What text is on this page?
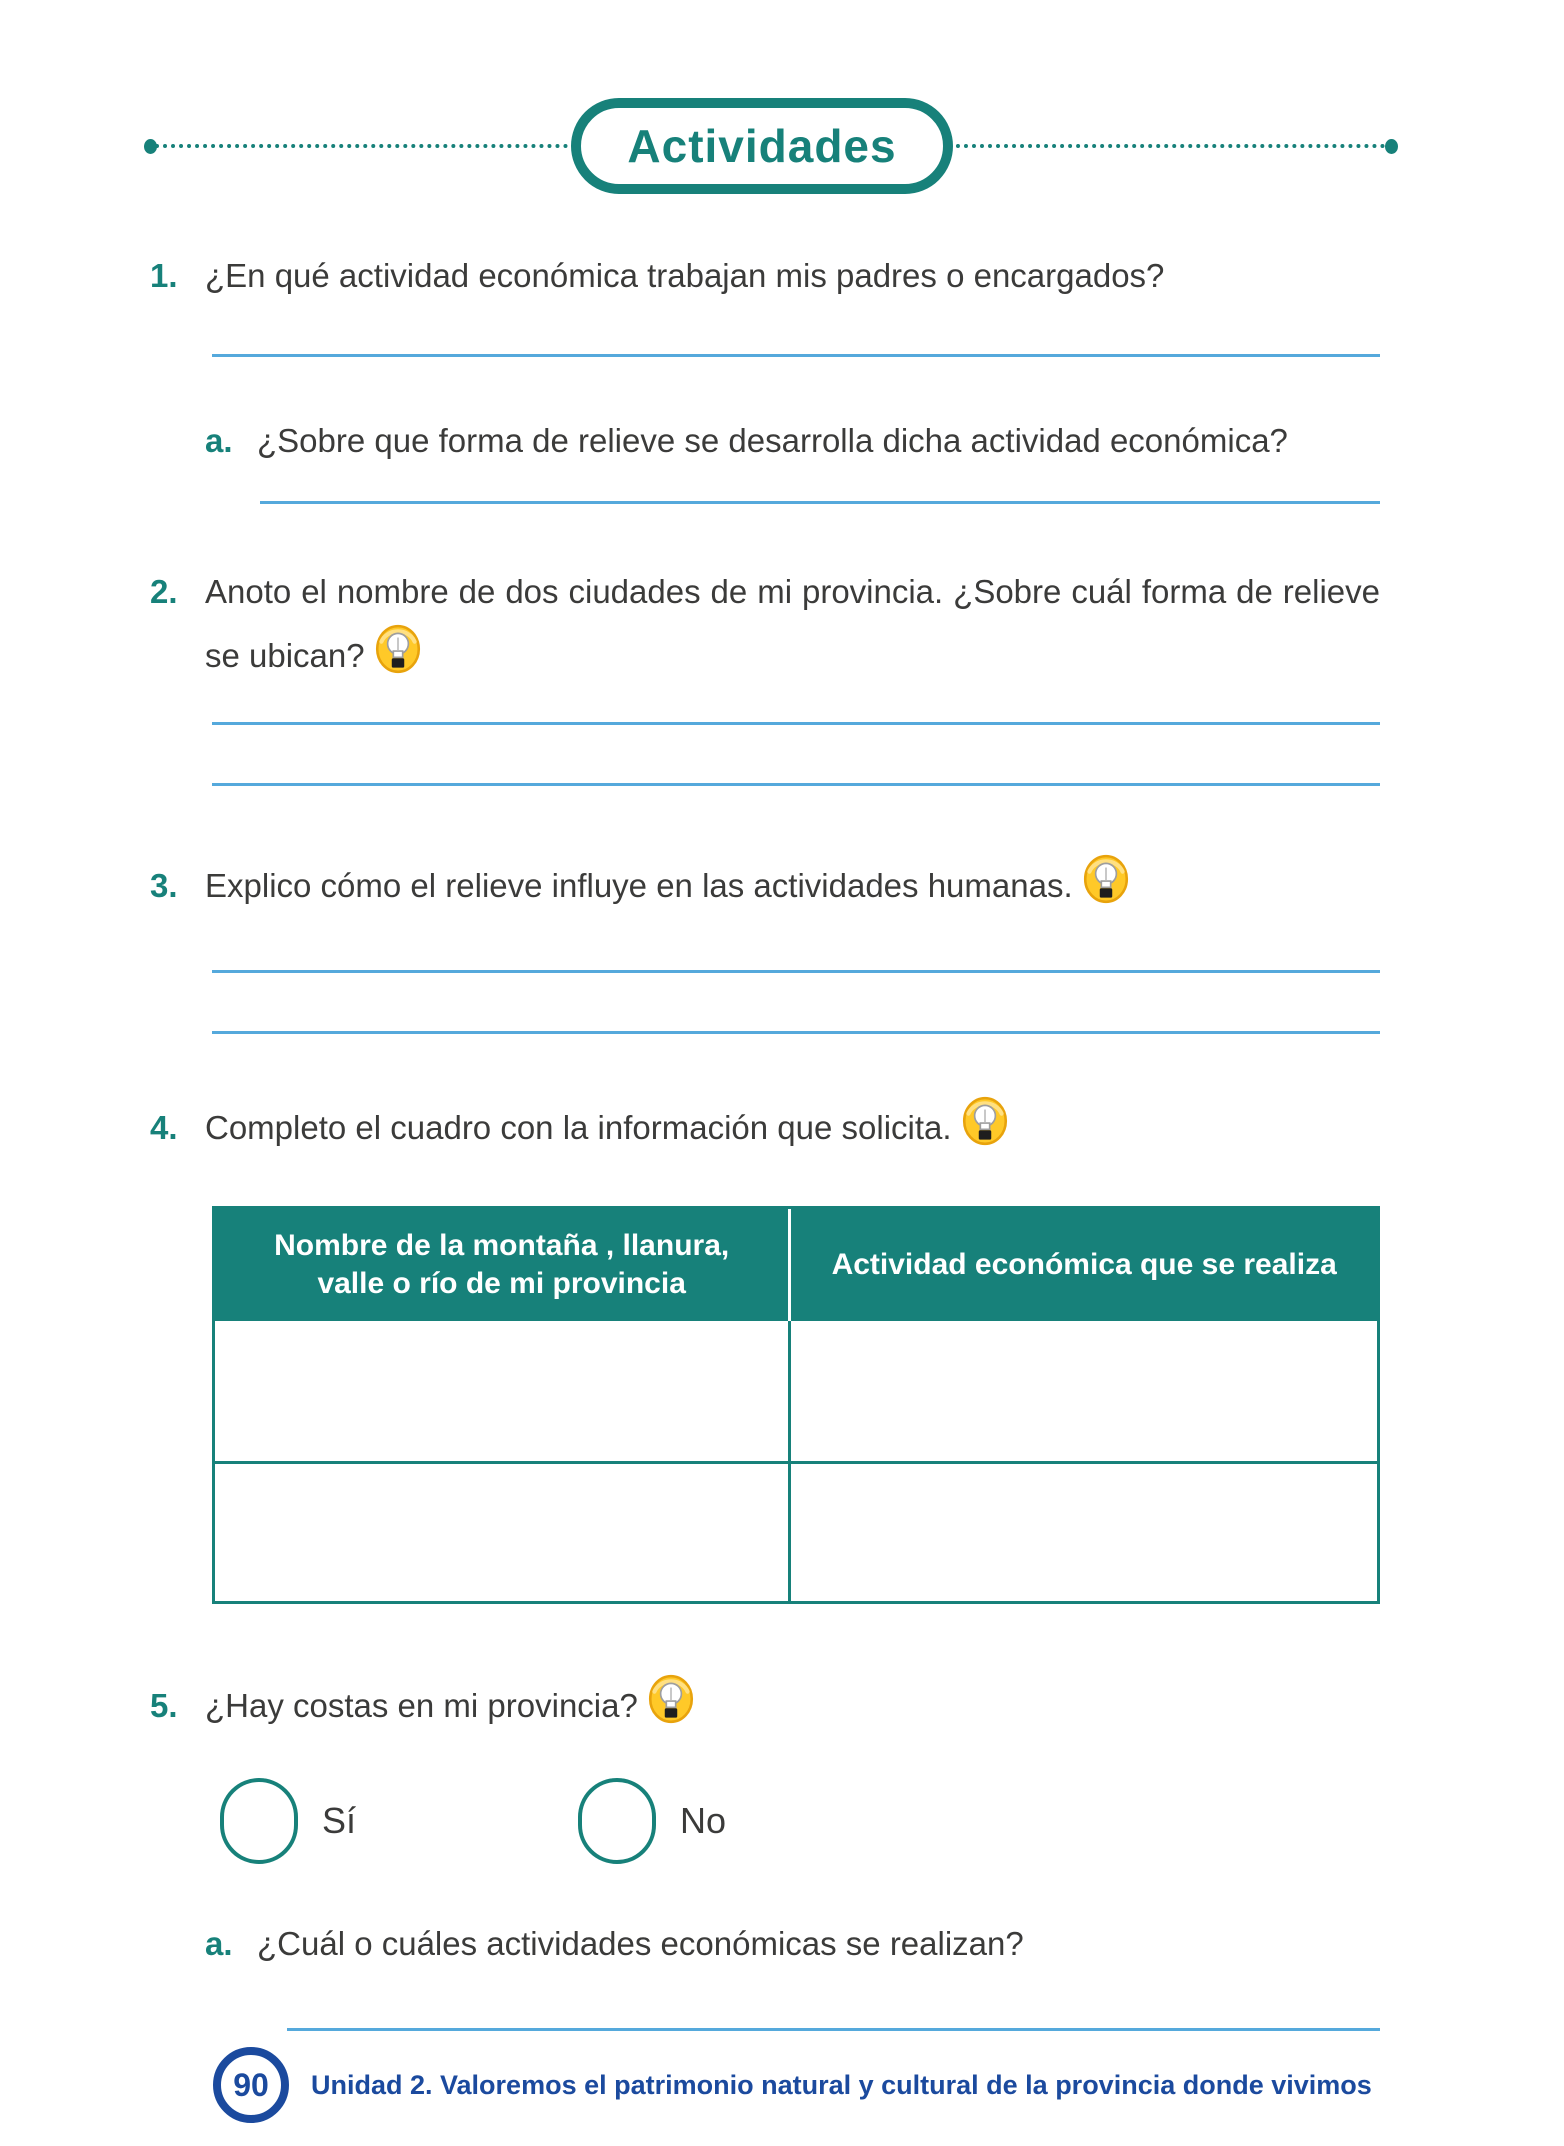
Actividades
1. ¿En qué actividad económica trabajan mis padres o encargados?
a. ¿Sobre que forma de relieve se desarrolla dicha actividad económica?
2. Anoto el nombre de dos ciudades de mi provincia. ¿Sobre cuál forma de relieve se ubican?
3. Explico cómo el relieve influye en las actividades humanas.
4. Completo el cuadro con la información que solicita.
Nombre de la montaña , llanura, valle o río de mi provincia
Actividad económica que se realiza
5. ¿Hay costas en mi provincia?
Sí	No
a. ¿Cuál o cuáles actividades económicas se realizan?
90 Unidad 2. Valoremos el patrimonio natural y cultural de la provincia donde vivimos
